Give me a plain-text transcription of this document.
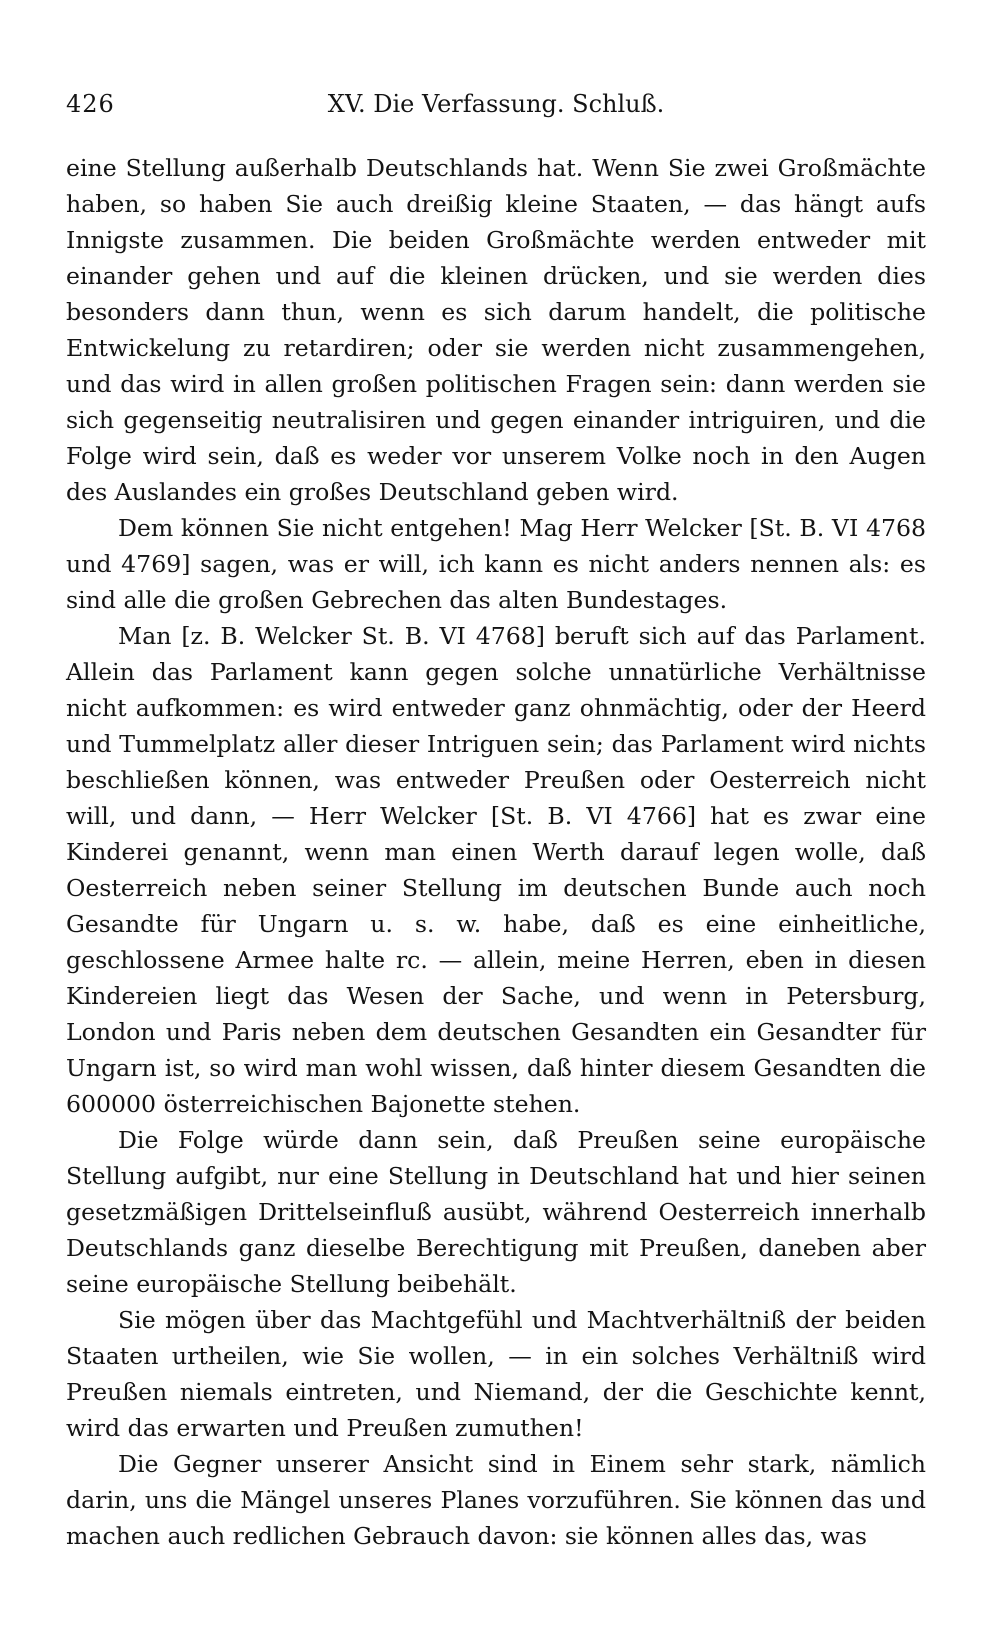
426	XV. Die Verfassung. Schluß.

eine Stellung außerhalb Deutschlands hat. Wenn Sie zwei Großmächte haben, so haben Sie auch dreißig kleine Staaten, — das hängt aufs Innigste zusammen. Die beiden Großmächte werden entweder mit einander gehen und auf die kleinen drücken, und sie werden dies besonders dann thun, wenn es sich darum handelt, die politische Entwickelung zu retardiren; oder sie werden nicht zusammengehen, und das wird in allen großen politischen Fragen sein: dann werden sie sich gegenseitig neutralisiren und gegen einander intriguiren, und die Folge wird sein, daß es weder vor unserem Volke noch in den Augen des Auslandes ein großes Deutschland geben wird.

Dem können Sie nicht entgehen! Mag Herr Welcker [St. B. VI 4768 und 4769] sagen, was er will, ich kann es nicht anders nennen als: es sind alle die großen Gebrechen das alten Bundestages.

Man [z. B. Welcker St. B. VI 4768] beruft sich auf das Parlament. Allein das Parlament kann gegen solche unnatürliche Verhältnisse nicht aufkommen: es wird entweder ganz ohnmächtig, oder der Heerd und Tummelplatz aller dieser Intriguen sein; das Parlament wird nichts beschließen können, was entweder Preußen oder Oesterreich nicht will, und dann, — Herr Welcker [St. B. VI 4766] hat es zwar eine Kinderei genannt, wenn man einen Werth darauf legen wolle, daß Oesterreich neben seiner Stellung im deutschen Bunde auch noch Gesandte für Ungarn u. s. w. habe, daß es eine einheitliche, geschlossene Armee halte rc. — allein, meine Herren, eben in diesen Kindereien liegt das Wesen der Sache, und wenn in Petersburg, London und Paris neben dem deutschen Gesandten ein Gesandter für Ungarn ist, so wird man wohl wissen, daß hinter diesem Gesandten die 600000 österreichischen Bajonette stehen.

Die Folge würde dann sein, daß Preußen seine europäische Stellung aufgibt, nur eine Stellung in Deutschland hat und hier seinen gesetzmäßigen Drittelseinfluß ausübt, während Oesterreich innerhalb Deutschlands ganz dieselbe Berechtigung mit Preußen, daneben aber seine europäische Stellung beibehält.

Sie mögen über das Machtgefühl und Machtverhältniß der beiden Staaten urtheilen, wie Sie wollen, — in ein solches Verhältniß wird Preußen niemals eintreten, und Niemand, der die Geschichte kennt, wird das erwarten und Preußen zumuthen!

Die Gegner unserer Ansicht sind in Einem sehr stark, nämlich darin, uns die Mängel unseres Planes vorzuführen. Sie können das und machen auch redlichen Gebrauch davon: sie können alles das, was
